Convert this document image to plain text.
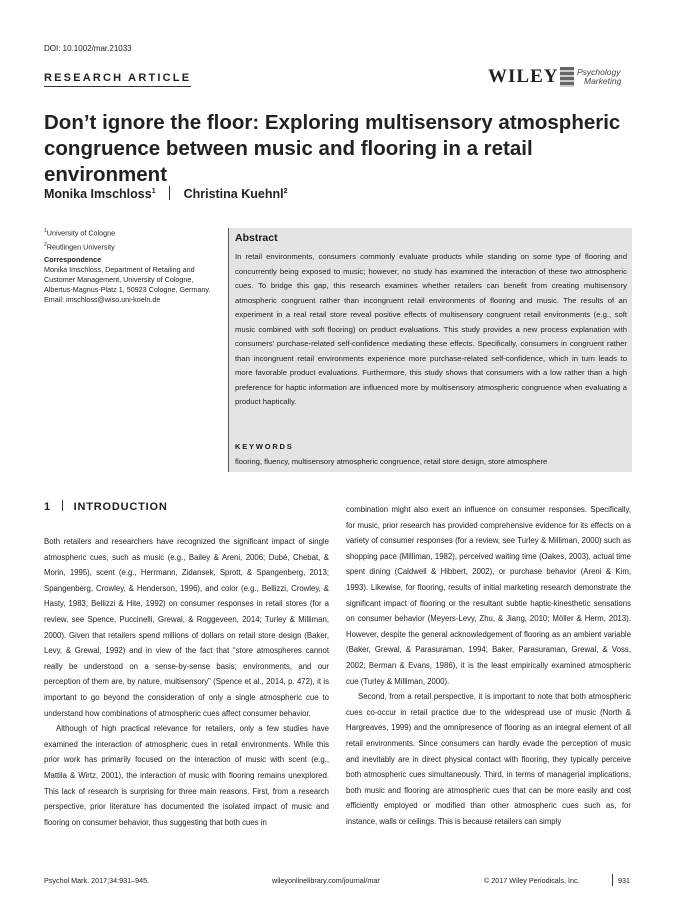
DOI: 10.1002/mar.21033
RESEARCH ARTICLE	WILEY Psychology
Marketing
Don’t ignore the floor: Exploring multisensory atmospheric congruence between music and flooring in a retail environment
Monika Imschloss$^1$ Christina Kuehnl$^2$
$^1$University of Cologne
$^2$Reutlingen University
Correspondence
Monika Imschloss, Department of Retailing and Customer Management, University of Cologne, Albertus-Magnus-Platz 1, 50923 Cologne, Germany.
Email: imschloss@wiso.uni-koeln.de
Abstract

In retail environments, consumers commonly evaluate products while standing on some type of flooring and concurrently being exposed to music; however, no study has examined the interaction of these two atmospheric cues. To bridge this gap, this research examines whether retailers can benefit from creating multisensory atmospheric congruent rather than incongruent retail environments of flooring and music. The results of an experiment in a real retail store reveal positive effects of multisensory congruent retail environments (e.g., soft music combined with soft flooring) on product evaluations. This study provides a new process explanation with consumers’ purchase-related self-confidence mediating these effects. Specifically, consumers in congruent rather than incongruent retail environments experience more purchase-related self-confidence, which in turn leads to more favorable product evaluations. Furthermore, this study shows that consumers with a low rather than a high preference for haptic information are influenced more by multisensory atmospheric congruence when evaluating a product haptically.

KEYWORDS
flooring, fluency, multisensory atmospheric congruence, retail store design, store atmosphere
1 INTRODUCTION

Both retailers and researchers have recognized the significant impact of single atmospheric cues, such as music (e.g., Bailey & Areni, 2006; Dubé, Chebat, & Morin, 1995), scent (e.g., Herrmann, Zidansek, Sprott, & Spangenberg, 2013; Spangenberg, Crowley, & Henderson, 1996), and color (e.g., Bellizzi, Crowley, & Hasty, 1983; Bellizzi & Hite, 1992) on consumer responses in retail stores (for a review, see Spence, Puccinelli, Grewal, & Roggeveen, 2014; Turley & Milliman, 2000). Given that retailers spend millions of dollars on retail store design (Baker, Levy, & Grewal, 1992) and in view of the fact that “store atmospheres cannot really be understood on a sense-by-sense basis; environments, and our perception of them are, by nature, multisensory” (Spence et al., 2014, p. 472), it is important to go beyond the consideration of only a single atmospheric cue to understand how combinations of atmospheric cues affect consumer behavior.

Although of high practical relevance for retailers, only a few studies have examined the interaction of atmospheric cues in retail environments. While this prior work has primarily focused on the interaction of music with scent (e.g., Mattila & Wirtz, 2001), the interaction of music with flooring remains unexplored. This lack of research is surprising for three main reasons. First, from a research perspective, prior literature has documented the isolated impact of music and flooring on consumer behavior, thus suggesting that both cues in

combination might also exert an influence on consumer responses. Specifically, for music, prior research has provided comprehensive evidence for its effects on a variety of consumer responses (for a review, see Turley & Milliman, 2000) such as shopping pace (Milliman, 1982), perceived waiting time (Oakes, 2003), actual time spent dining (Caldwell & Hibbert, 2002), or purchase behavior (Areni & Kim, 1993). Likewise, for flooring, results of initial marketing research demonstrate the significant impact of flooring or the resultant subtle haptic-kinesthetic sensations on consumer behavior (Meyers-Levy, Zhu, & Jiang, 2010; Möller & Herm, 2013). However, despite the general acknowledgement of flooring as an ambient variable (Baker, Grewal, & Parasuraman, 1994; Baker, Parasuraman, Grewal, & Voss, 2002; Berman & Evans, 1986), it is the least empirically examined atmospheric cue (Turley & Milliman, 2000).

Second, from a retail perspective, it is important to note that both atmospheric cues co-occur in retail practice due to the widespread use of music (North & Hargreaves, 1999) and the omnipresence of flooring as an integral element of all retail environments. Since consumers can hardly evade the perception of music and inevitably are in direct physical contact with flooring, they typically perceive both atmospheric cues simultaneously. Third, in terms of managerial implications, both music and flooring are atmospheric cues that can be more easily and cost efficiently employed or modified than other atmospheric cues such as, for instance, walls or ceilings. This is because retailers can simply

Psychol Mark. 2017;34:931–945.	wileyonlinelibrary.com/journal/mar	© 2017 Wiley Periodicals, Inc.	931
